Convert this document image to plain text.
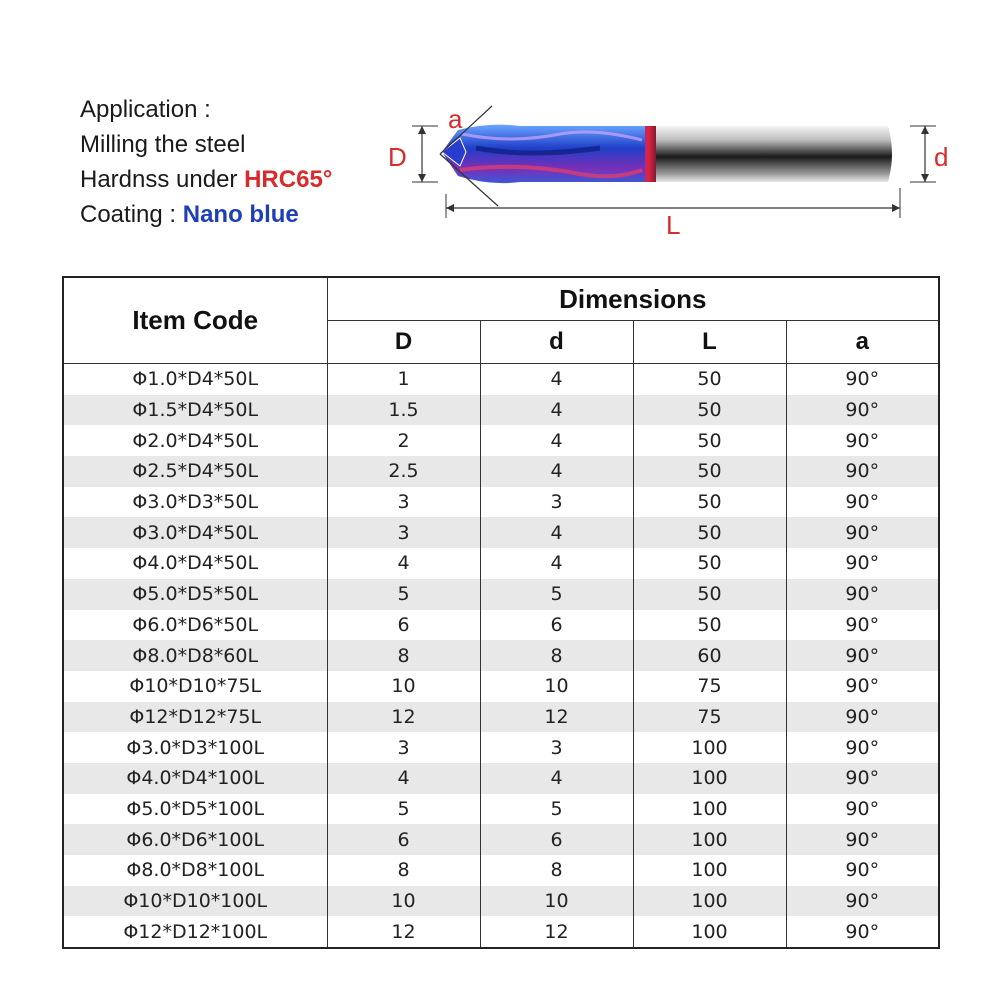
Application :
Milling the steel
Hardnss under HRC65°
Coating : Nano blue
a
D	d
L
Item Code	Dimensions			
	D	d	L	a
Φ1.0*D4*50L	1	4	50	90°
Φ1.5*D4*50L	1.5	4	50	90°
Φ2.0*D4*50L	2	4	50	90°
Φ2.5*D4*50L	2.5	4	50	90°
Φ3.0*D3*50L	3	3	50	90°
Φ3.0*D4*50L	3	4	50	90°
Φ4.0*D4*50L	4	4	50	90°
Φ5.0*D5*50L	5	5	50	90°
Φ6.0*D6*50L	6	6	50	90°
Φ8.0*D8*60L	8	8	60	90°
Φ10*D10*75L	10	10	75	90°
Φ12*D12*75L	12	12	75	90°
Φ3.0*D3*100L	3	3	100	90°
Φ4.0*D4*100L	4	4	100	90°
Φ5.0*D5*100L	5	5	100	90°
Φ6.0*D6*100L	6	6	100	90°
Φ8.0*D8*100L	8	8	100	90°
Φ10*D10*100L	10	10	100	90°
Φ12*D12*100L	12	12	100	90°
